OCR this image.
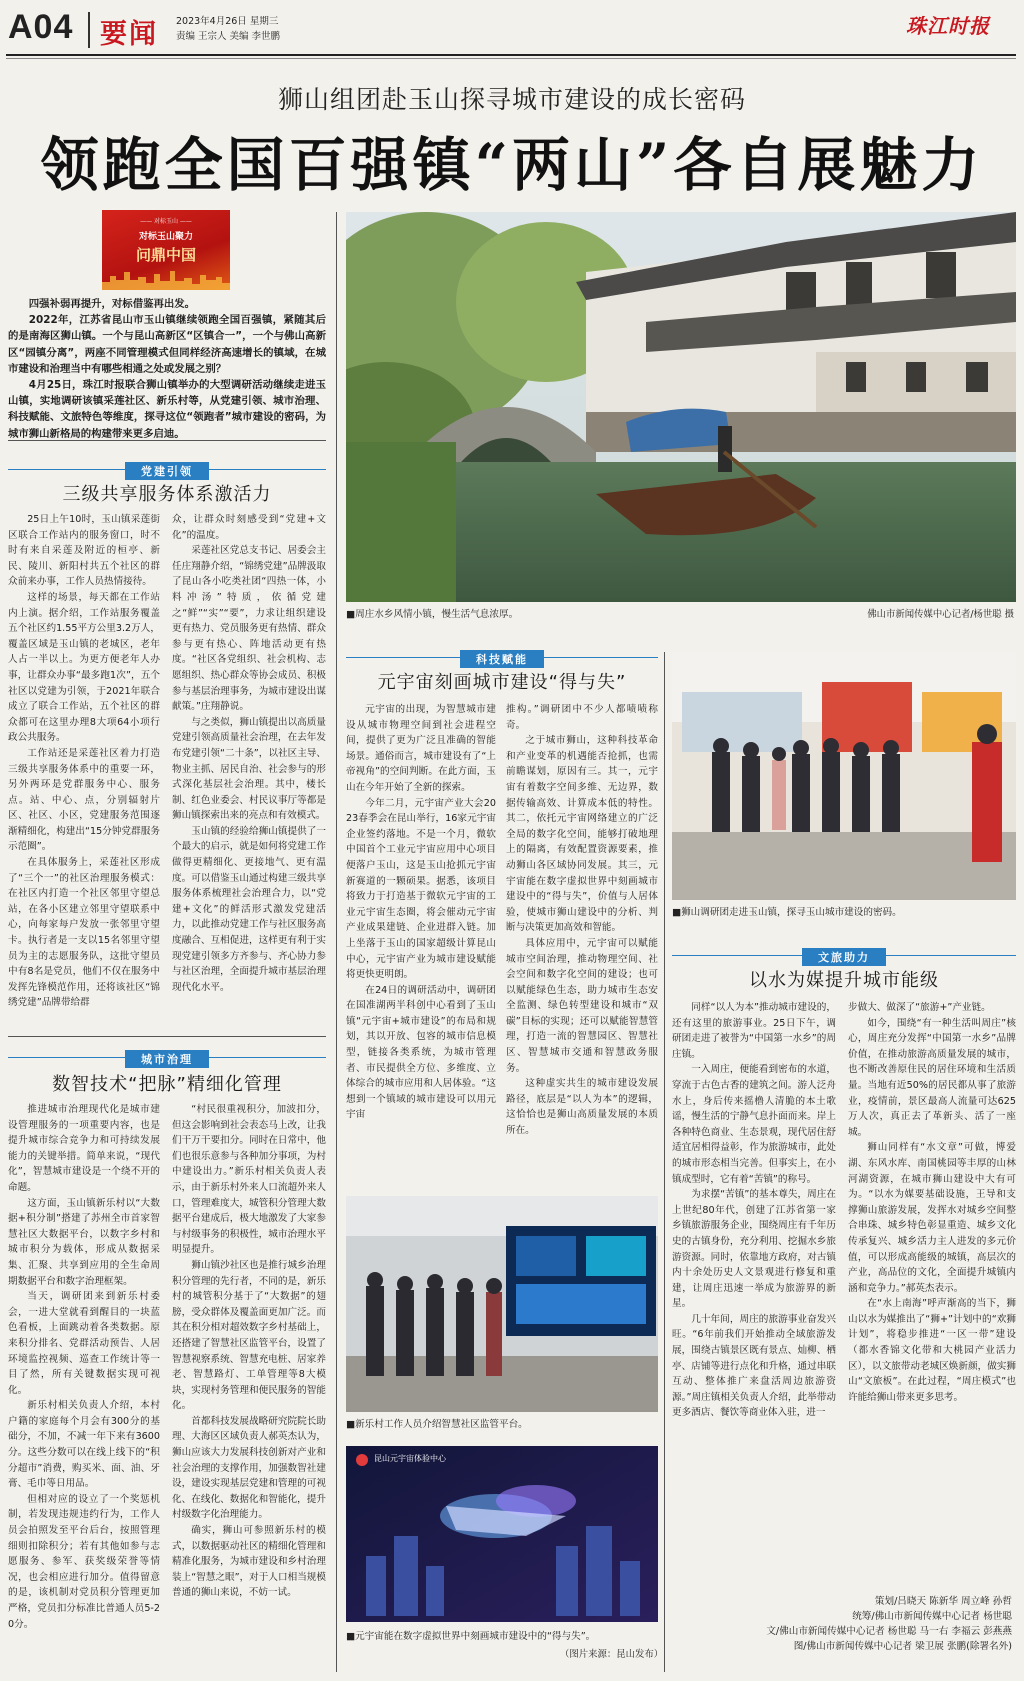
A04 要闻 2023年4月26日 星期三
责编 王宗人 美编 李世鹏	珠江时报
狮山组团赴玉山探寻城市建设的成长密码
领跑全国百强镇“两山”各自展魅力
—— 对标玉山 ——
对标玉山聚力
问鼎中国

四强补弱再提升，对标借鉴再出发。

2022年，江苏省昆山市玉山镇继续领跑全国百强镇，紧随其后的是南海区狮山镇。一个与昆山高新区“区镇合一”，一个与佛山高新区“园镇分离”，两座不同管理模式但同样经济高速增长的镇域，在城市建设和治理当中有哪些相通之处或发展之别？

4月25日，珠江时报联合狮山镇举办的大型调研活动继续走进玉山镇，实地调研该镇采莲社区、新乐村等，从党建引领、城市治理、科技赋能、文旅特色等维度，探寻这位“领跑者”城市建设的密码，为城市狮山新格局的构建带来更多启迪。

党建引领
三级共享服务体系激活力

25日上午10时，玉山镇采莲街区联合工作站内的服务窗口，时不时有来自采莲及附近的桓亭、新民、陵川、新阳村共五个社区的群众前来办事，工作人员热情接待。

这样的场景，每天都在工作站内上演。据介绍，工作站服务覆盖五个社区约1.55平方公里3.2万人，覆盖区域是玉山镇的老城区，老年人占一半以上。为更方便老年人办事，让群众办事“最多跑1次”，五个社区以党建为引领，于2021年联合成立了联合工作站，五个社区的群众都可在这里办理8大项64小项行政公共服务。

工作站还是采莲社区着力打造三级共享服务体系中的重要一环，另外两环是党群服务中心、服务点。站、中心、点，分别辐射片区、社区、小区，党建服务范围逐渐精细化，构建出“15分钟党群服务示范圈”。

在具体服务上，采莲社区形成了“三个一”的社区治理服务模式：在社区内打造一个社区邻里守望总站，在各小区建立邻里守望联系中心，向每家每户发放一张邻里守望卡。执行者是一支以15名邻里守望员为主的志愿服务队，这批守望员中有8名是党员，他们不仅在服务中发挥先锋模范作用，还将该社区“锦绣党建”品牌带给群

众，让群众时刻感受到“党建+文化”的温度。

采莲社区党总支书记、居委会主任庄翔静介绍，“锦绣党建”品牌汲取了昆山各小吃类社团“四热一体，小料冲汤”特质，依循党建之“鲜”“实”“要”，力求让组织建设更有热力、党员服务更有热情、群众参与更有热心、阵地活动更有热度。“社区各党组织、社会机构、志愿组织、热心群众等协会成员、积极参与基层治理事务，为城市建设出谋献策。”庄翔静说。

与之类似，狮山镇提出以高质量党建引领高质量社会治理，在去年发布党建引领“二十条”，以社区主导、物业主抓、居民自治、社会参与的形式深化基层社会治理。其中，楼长制、红色业委会、村民议事厅等都是狮山镇探索出来的亮点和有效模式。

玉山镇的经验给狮山镇提供了一个最大的启示，就是如何将党建工作做得更精细化、更接地气、更有温度。可以借鉴玉山通过构建三级共享服务体系梳理社会治理合力，以“党建+文化”的鲜活形式激发党建活力，以此推动党建工作与社区服务高度融合、互相促进，这样更有利于实现党建引领多方齐参与、齐心协力参与社区治理，全面提升城市基层治理现代化水平。

城市治理
数智技术“把脉”精细化管理

推进城市治理现代化是城市建设管理服务的一项重要内容，也是提升城市综合竞争力和可持续发展能力的关键举措。简单来说，“现代化”，智慧城市建设是一个绕不开的命题。

这方面，玉山镇新乐村以“大数据+积分制”搭建了苏州全市首家智慧社区大数据平台，以数字乡村和城市积分为载体，形成从数据采集、汇聚、共享到应用的全生命周期数据平台和数字治理框架。

当天，调研团来到新乐村委会，一进大堂就看到醒目的一块蓝色看板，上面跳动着各类数据。原来积分排名、党群活动预告、人居环境监控视频、巡查工作统计等一目了然，所有关键数据实现可视化。

新乐村相关负责人介绍，本村户籍的家庭每个月会有300分的基础分，不加，不减一年下来有3600分。这些分数可以在线上线下的“积分超市”消费，购买米、面、油、牙膏、毛巾等日用品。

但相对应的设立了一个奖惩机制，若发现违规违约行为，工作人员会拍照发至平台后台，按照管理细则扣除积分；若有其他如参与志愿服务、参军、获奖级荣誉等情况，也会相应进行加分。值得留意的是，该机制对党员积分管理更加严格，党员扣分标准比普通人员5-20分。

“村民很重视积分，加波扣分，但这会影响到社会表态马上改，让我们干万干要扣分。同时在日常中，他们也很乐意参与各种加分事项，为村中建设出力。”新乐村相关负责人表示，由于新乐村外来人口流超外来人口，管理难度大，城管积分管理大数据平台建成后，极大地激发了大家参与村级事务的积极性，城市治理水平明显提升。

狮山镇沙社区也是推行城乡治理积分管理的先行者，不同的是，新乐村的城管积分基于了“大数据”的翅膀，受众群体及覆盖面更加广泛。而其在积分相对超效数字乡村基础上，还搭建了智慧社区监管平台，设置了智慧视察系统、智慧充电桩、居家养老、智慧路灯、工单管理等8大模块，实现村务管理和便民服务的智能化。

首都科技发展战略研究院院长助理、大海区区域负责人郝英杰认为，狮山应该大力发展科技创新对产业和社会治理的支撑作用，加强数智社建设，建设实现基层党建和管理的可视化、在线化、数据化和智能化，提升村级数字化治理能力。

确实，狮山可参照新乐村的模式，以数据驱动社区的精细化管理和精准化服务，为城市建设和乡村治理装上“智慧之眼”，对于人口相当规模普通的狮山来说，不妨一试。

■周庄水乡风情小镇，慢生活气息浓厚。	佛山市新闻传媒中心记者/杨世聪 摄
科技赋能
元宇宙刻画城市建设“得与失”

元宇宙的出现，为智慧城市建设从城市物理空间到社会进程空间，提供了更为广泛且准确的智能场景。通俗而言，城市建设有了“上帝视角”的空间判断。在此方面，玉山在今年开始了全新的探索。

今年二月，元宇宙产业大会2023春季会在昆山举行，16家元宇宙企业签约落地。不是一个月，微软中国首个工业元宇宙应用中心项目便落户玉山，这是玉山抢抓元宇宙新赛道的一颗硕果。据悉，该项目将致力于打造基于微软元宇宙的工业元宇宙生态圈，将会催动元宇宙产业成果建链、企业进群入链。加上坐落于玉山的国家超级计算昆山中心，元宇宙产业为城市建设赋能将更快更明朗。

在24日的调研活动中，调研团在国准湖两半科创中心看到了玉山镇“元宇宙+城市建设”的布局和规划，其以开放、包容的城市信息模型，链接各类系统，为城市管理者、市民提供全方位、多维度、立体综合的城市应用和人居体验。“这想到一个镇域的城市建设可以用元宇宙

推构。”调研团中不少人都啧啧称奇。

之于城市狮山，这种科技革命和产业变革的机遇能否抢抓，也需前瞻谋划，原因有三。其一，元宇宙有着数字空间多维、无边界，数据传输高效、计算成本低的特性。其二，依托元宇宙网络建立的广泛全局的数字化空间，能够打破地理上的隔离，有效配置资源要素，推动狮山各区域协同发展。其三，元宇宙能在数字虚拟世界中刻画城市建设中的“得与失”，价值与人居体验，使城市狮山建设中的分析、判断与决策更加高效和智能。

具体应用中，元宇宙可以赋能城市空间治理，推动物理空间、社会空间和数字化空间的建设；也可以赋能绿色生态，助力城市生态安全监测、绿色转型建设和城市“双碳”目标的实现；还可以赋能智慧管理，打造一流的智慧园区、智慧社区、智慧城市交通和智慧政务服务。

这种虚实共生的城市建设发展路径，底层是“以人为本”的逻辑，这恰恰也是狮山高质量发展的本质所在。

■狮山调研团走进玉山镇，探寻玉山城市建设的密码。
文旅助力
以水为媒提升城市能级

同样“以人为本”推动城市建设的，还有这里的旅游事业。25日下午，调研团走进了被誉为“中国第一水乡”的周庄镇。

一入周庄，便能看到密布的水道，穿流于古色古香的建筑之间。游人泛舟水上，身后传来摇橹人清脆的本土歌谣，慢生活的宁静气息扑面而来。岸上各种特色商业、生态景观，现代居住舒适宜居相得益彰，作为旅游城市，此处的城市形态相当完善。但事实上，在小镇成型时，它有着“苦镇”的称号。

为求摆“苦镇”的基本尊失，周庄在上世纪80年代，创建了江苏省第一家乡镇旅游服务企业，围绕周庄有千年历史的古镇身份，充分利用、挖掘水乡旅游资源。同时，依靠地方政府，对古镇内十余处历史人文景观进行修复和重建，让周庄迅速一举成为旅游界的新星。

几十年间，周庄的旅游事业奋发兴旺。“6年前我们开始推动全域旅游发展，围绕古镇景区既有景点、灿柳、栖亭、店铺等进行点化和升格，通过串联互动、整体推广来盘活周边旅游资源。”周庄镇相关负责人介绍，此举带动更多酒店、餐饮等商业体入驻，进一

步做大、做深了“旅游+”产业链。

如今，围绕“有一种生活叫周庄”核心，周庄充分发挥“中国第一水乡”品牌价值，在推动旅游高质量发展的城市，也不断改善原住民的居住环境和生活质量。当地有近50%的居民都从事了旅游业，疫情前，景区最高人流量可达625万人次，真正去了革新头、活了一座城。

狮山同样有“水文章”可做，博爱湖、东风水库、南国桃园等丰厚的山林河湖资源，在城市狮山建设中大有可为。“以水为媒要基础设施，王导和支撑狮山旅游发展，发挥水对城乡空间整合串珠、城乡特色彰显重造、城乡文化传承复兴、城乡活力主人进发的多元价值，可以形成高能级的城镇，高层次的产业，高品位的文化，全面提升城镇内涵和竞争力。”郝英杰表示。

在“水上南海”呼声渐高的当下，狮山以水为媒推出了“狮+”计划中的“欢狮计划”，将稳步推进“一区一带”建设（都水香锦文化带和大桃园产业活力区），以文旅带动老城区焕新颜，做实狮山“文旅板”。在此过程，“周庄模式”也许能给狮山带来更多思考。

■新乐村工作人员介绍智慧社区监管平台。
昆山元宇宙体验中心
■元宇宙能在数字虚拟世界中刻画城市建设中的“得与失”。
（图片来源：昆山发布）
策划/吕晓天 陈新华 周立峰 孙哲
统筹/佛山市新闻传媒中心记者 杨世聪
文/佛山市新闻传媒中心记者 杨世聪 马一右 李福云 彭燕燕
图/佛山市新闻传媒中心记者 梁卫展 张鹏(除署名外)
